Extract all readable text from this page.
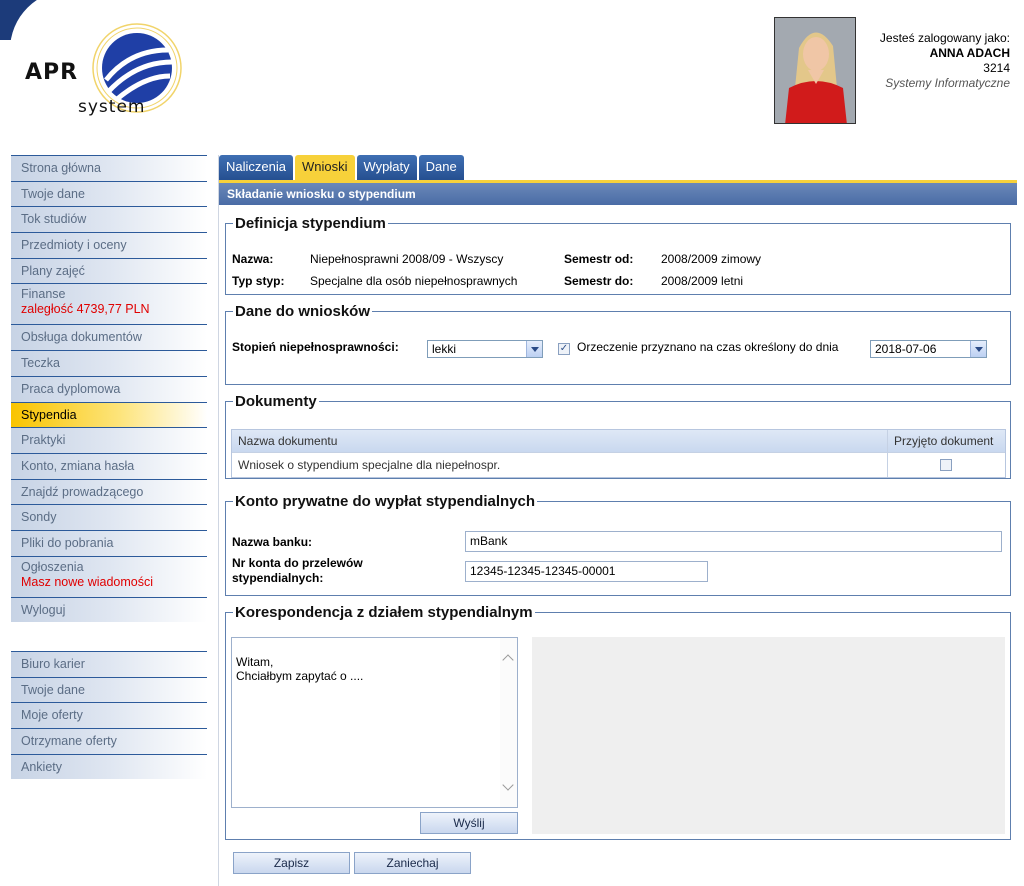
APR
system
Jesteś zalogowany jako:
ANNA ADACH
3214
Systemy Informatyczne
Strona główna
Twoje dane
Tok studiów
Przedmioty i oceny
Plany zajęć
Finanse
zaległość 4739,77 PLN
Obsługa dokumentów
Teczka
Praca dyplomowa
Stypendia
Praktyki
Konto, zmiana hasła
Znajdź prowadzącego
Sondy
Pliki do pobrania
Ogłoszenia
Masz nowe wiadomości
Wyloguj
Biuro karier
Twoje dane
Moje oferty
Otrzymane oferty
Ankiety
Naliczenia	Wnioski	Wypłaty	Dane
Składanie wniosku o stypendium
Definicja stypendium
Nazwa:	Niepełnosprawni 2008/09 - Wszyscy	Semestr od: 2008/2009 zimowy
Typ styp: Specjalne dla osób niepełnosprawnych	Semestr do: 2008/2009 letni
Dane do wniosków
Stopień niepełnosprawności:	lekki	✓ Orzeczenie przyznano na czas określony do dnia	2018-07-06
Dokumenty
Nazwa dokumentu	Przyjęto dokument
Wniosek o stypendium specjalne dla niepełnospr.
Konto prywatne do wypłat stypendialnych
Nazwa banku:	mBank
Nr konta do przelewów stypendialnych:	12345-12345-12345-00001
Korespondencja z działem stypendialnym

Witam,
Chciałbym zapytać o ....

Wyślij
Zapisz	Zaniechaj
